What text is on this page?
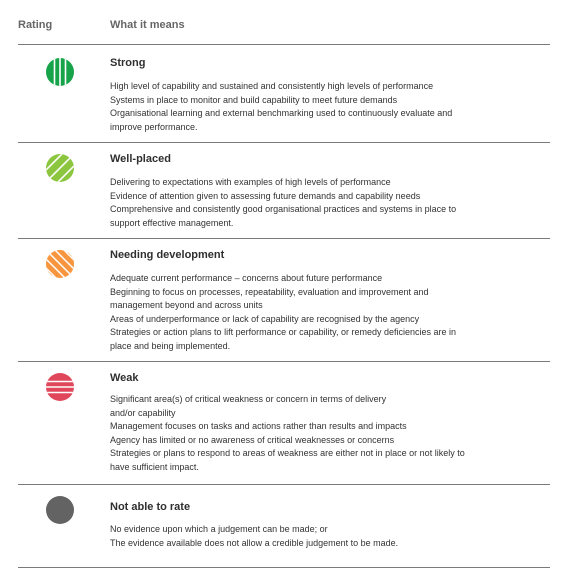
Rating	What it means
Strong
High level of capability and sustained and consistently high levels of performance
Systems in place to monitor and build capability to meet future demands
Organisational learning and external benchmarking used to continuously evaluate and
improve performance.
Well-placed
Delivering to expectations with examples of high levels of performance
Evidence of attention given to assessing future demands and capability needs
Comprehensive and consistently good organisational practices and systems in place to
support effective management.
Needing development
Adequate current performance – concerns about future performance
Beginning to focus on processes, repeatability, evaluation and improvement and
management beyond and across units
Areas of underperformance or lack of capability are recognised by the agency
Strategies or action plans to lift performance or capability, or remedy deficiencies are in
place and being implemented.
Weak
Significant area(s) of critical weakness or concern in terms of delivery
and/or capability
Management focuses on tasks and actions rather than results and impacts
Agency has limited or no awareness of critical weaknesses or concerns
Strategies or plans to respond to areas of weakness are either not in place or not likely to
have sufficient impact.
Not able to rate
No evidence upon which a judgement can be made; or
The evidence available does not allow a credible judgement to be made.
